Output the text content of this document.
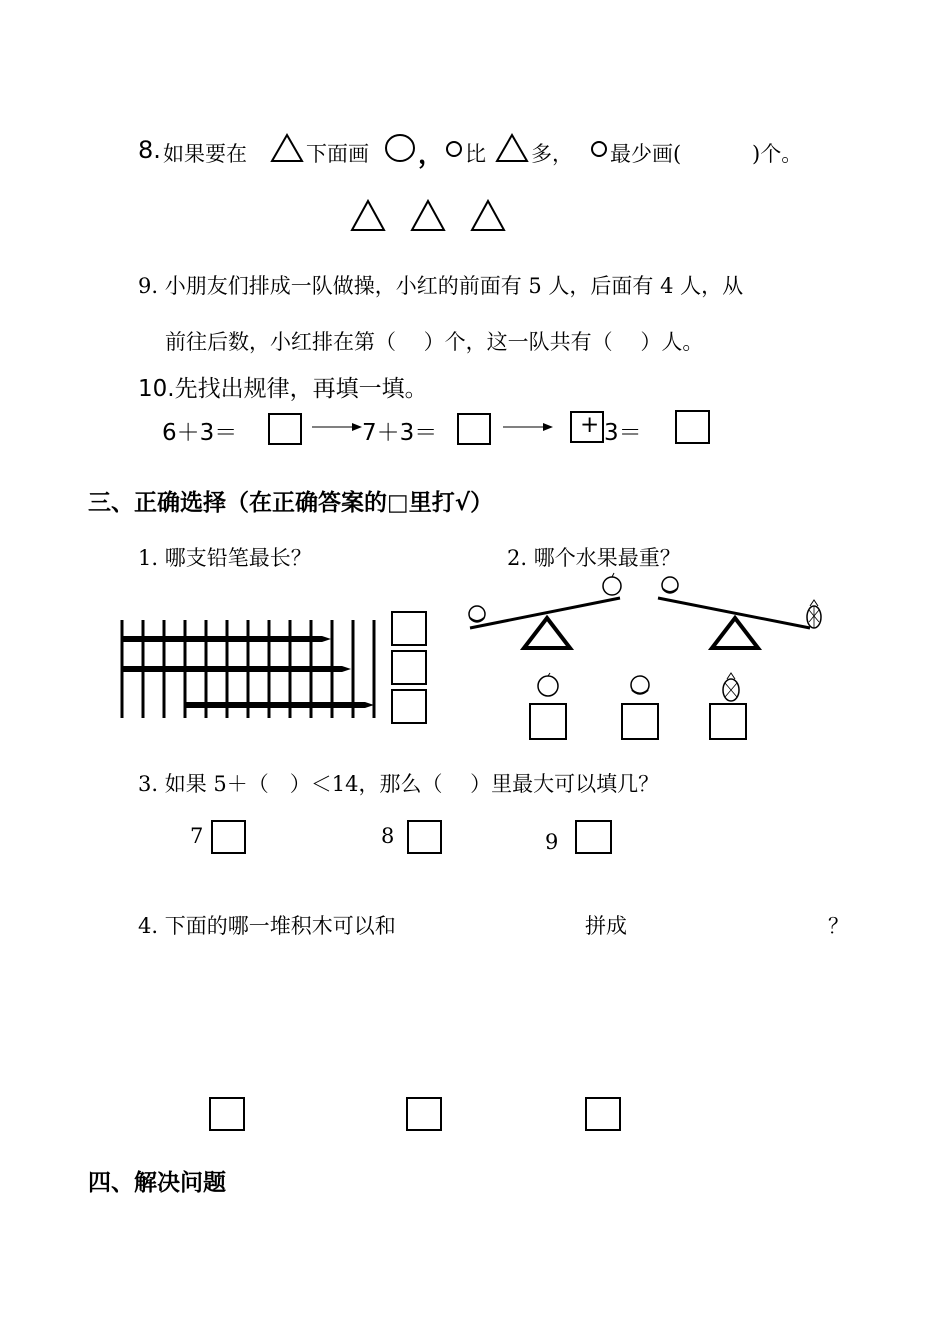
8. 如果要在	下面画 ， 比 多， 最少画(	)个。
9. 小朋友们排成一队做操，小红的前面有 5 人，后面有 4 人，从
前往后数，小红排在第（　 ）个，这一队共有（　 ）人。
10.先找出规律，再填一填。
6＋3＝	7＋3＝	+ 3＝
三、正确选择（在正确答案的□里打√）
1. 哪支铅笔最长？	2. 哪个水果最重？
3. 如果 5＋（　）＜14，那么（　 ）里最大可以填几？
7	8	9
4. 下面的哪一堆积木可以和	拼成	？
四、解决问题
